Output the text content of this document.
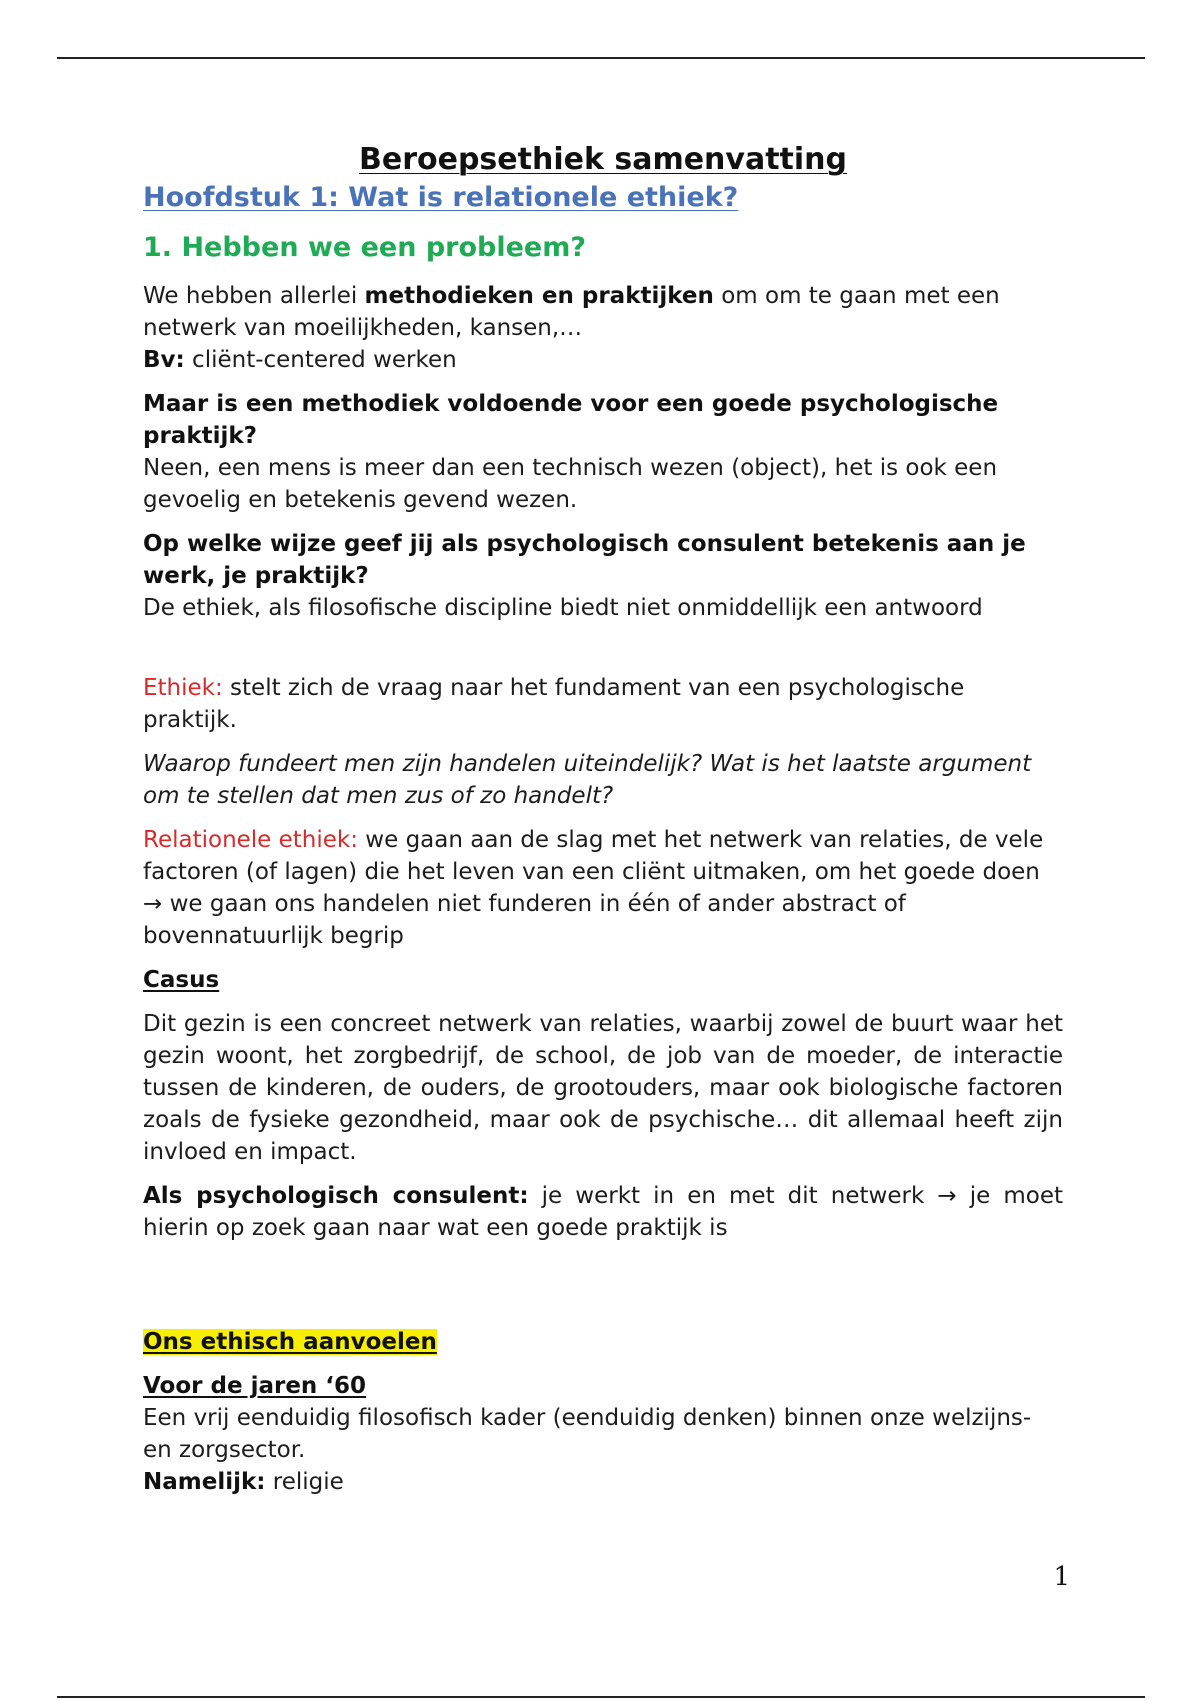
Beroepsethiek samenvatting
Hoofdstuk 1: Wat is relationele ethiek?
1. Hebben we een probleem?

We hebben allerlei methodieken en praktijken om om te gaan met een netwerk van moeilijkheden, kansen,…
Bv: cliënt-centered werken

Maar is een methodiek voldoende voor een goede psychologische praktijk?
Neen, een mens is meer dan een technisch wezen (object), het is ook een gevoelig en betekenis gevend wezen.

Op welke wijze geef jij als psychologisch consulent betekenis aan je werk, je praktijk?
De ethiek, als filosofische discipline biedt niet onmiddellijk een antwoord

Ethiek: stelt zich de vraag naar het fundament van een psychologische praktijk.

Waarop fundeert men zijn handelen uiteindelijk? Wat is het laatste argument om te stellen dat men zus of zo handelt?

Relationele ethiek: we gaan aan de slag met het netwerk van relaties, de vele factoren (of lagen) die het leven van een cliënt uitmaken, om het goede doen
→ we gaan ons handelen niet funderen in één of ander abstract of bovennatuurlijk begrip

Casus

Dit gezin is een concreet netwerk van relaties, waarbij zowel de buurt waar het gezin woont, het zorgbedrijf, de school, de job van de moeder, de interactie tussen de kinderen, de ouders, de grootouders, maar ook biologische factoren zoals de fysieke gezondheid, maar ook de psychische… dit allemaal heeft zijn invloed en impact.

Als psychologisch consulent: je werkt in en met dit netwerk → je moet hierin op zoek gaan naar wat een goede praktijk is

Ons ethisch aanvoelen

Voor de jaren ‘60
Een vrij eenduidig filosofisch kader (eenduidig denken) binnen onze welzijns- en zorgsector.
Namelijk: religie

1
